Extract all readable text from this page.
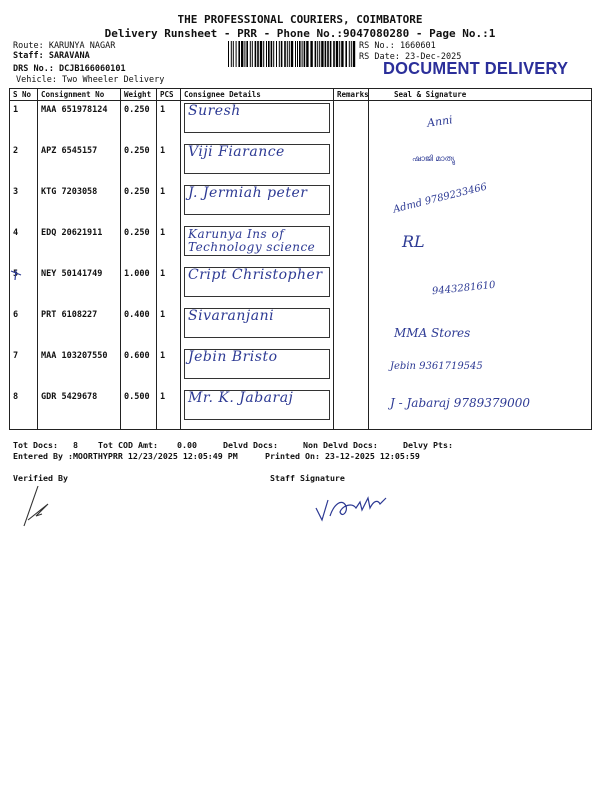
THE PROFESSIONAL COURIERS, COIMBATORE
Delivery Runsheet - PRR - Phone No.:9047080280 - Page No.:1
Route: KARUNYA NAGAR
Staff: SARAVANA
DRS No.: DCJB166060101
Vehicle: Two Wheeler Delivery
RS No.: 1660601
RS Date: 23-Dec-2025
DOCUMENT DELIVERY
S No	Consignment No	Weight	PCS	Consignee Details	Remarks	Seal & Signature
1	MAA 651978124	0.250	1	Suresh		Anni
2	APZ 6545157	0.250	1	Viji Fiarance		ഷാജി മാത്യു
3	KTG 7203058	0.250	1	J. Jermiah peter		Admd 9789233466
4	EDQ 20621911	0.250	1	Karunya Ins of Technology science		RL
5	NEY 50141749	1.000	1	Cript Christopher		9443281610
6	PRT 6108227	0.400	1	Sivaranjani		MMA Stores
7	MAA 103207550	0.600	1	Jebin Bristo		Jebin 9361719545
8	GDR 5429678	0.500	1	Mr. K. Jabaraj		J - Jabaraj 9789379000
Tot Docs: 8 Tot COD Amt: 0.00	Delvd Docs:	Non Delvd Docs:	Delvy Pts:
Entered By :MOORTHYPRR 12/23/2025 12:05:49 PM	Printed On: 23-12-2025 12:05:59
Verified By	Staff Signature
